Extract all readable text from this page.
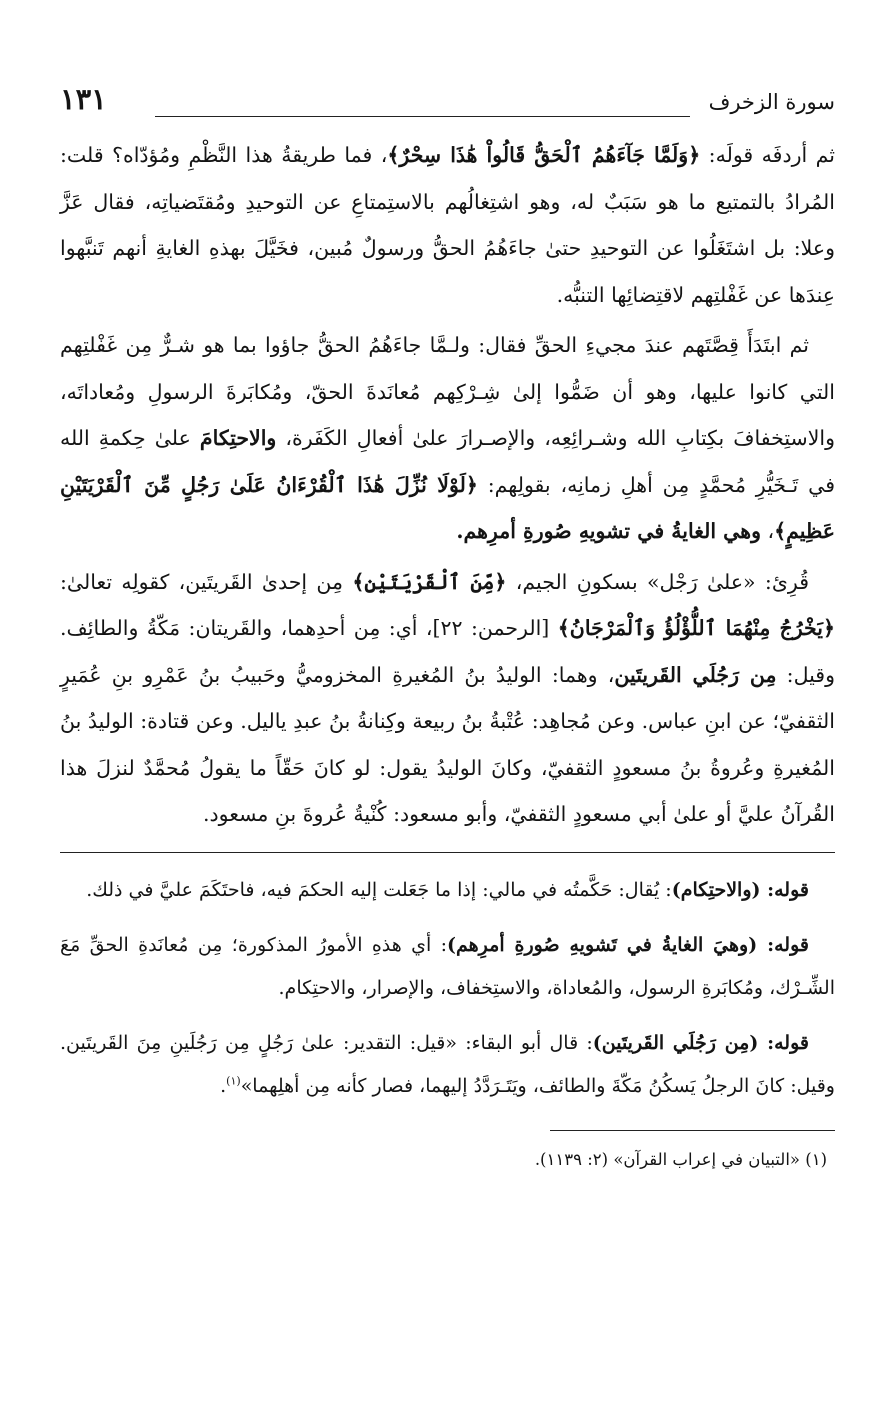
سورة الزخرف
١٣١

ثم أردفَه قولَه: ﴿وَلَمَّا جَآءَهُمُ ٱلْحَقُّ قَالُواْ هَٰذَا سِحْرٌ﴾، فما طريقةُ هذا النَّظْمِ ومُؤدّاه؟ قلت: المُرادُ بالتمتيع ما هو سَبَبٌ له، وهو اشتِغالُهم بالاستِمتاعِ عن التوحيدِ ومُقتَضياتِه، فقال عَزَّ وعلا: بل اشتَغَلُوا عن التوحيدِ حتىٰ جاءَهُمُ الحقُّ ورسولٌ مُبين، فخَيَّلَ بهذهِ الغايةِ أنهم تَنبَّهوا عِندَها عن غَفْلتِهم لاقتِضائِها التنبُّه.

ثم ابتَدَأَ قِصَّتَهم عندَ مجيءِ الحقِّ فقال: ولـمَّا جاءَهُمُ الحقُّ جاؤوا بما هو شـرٌّ مِن غَفْلتِهم التي كانوا عليها، وهو أن ضَمُّوا إلىٰ شِـرْكِهم مُعانَدةَ الحقّ، ومُكابَرةَ الرسولِ ومُعاداتَه، والاستِخفافَ بكِتابِ الله وشـرائِعِه، والإصـرارَ علىٰ أفعالِ الكَفَرة، والاحتِكامَ علىٰ حِكمةِ الله في تَـخَيُّرِ مُحمَّدٍ مِن أهلِ زمانِه، بقولِهم: ﴿لَوْلَا نُزِّلَ هَٰذَا ٱلْقُرْءَانُ عَلَىٰ رَجُلٍ مِّنَ ٱلْقَرْيَتَيْنِ عَظِيمٍ﴾، وهي الغايةُ في تشويهِ صُورةِ أمرِهم.

قُرِئ: «علىٰ رَجْل» بسكونِ الجيم، ﴿مِّنَ ٱلْقَرْيَتَيْنِ﴾ مِن إحدىٰ القَريتَين، كقولِه تعالىٰ: ﴿يَخْرُجُ مِنْهُمَا ٱللُّؤْلُؤُ وَٱلْمَرْجَانُ﴾ [الرحمن: ٢٢]، أي: مِن أحدِهما، والقَريتان: مَكّةُ والطائِف. وقيل: مِن رَجُلَي القَريتَين، وهما: الوليدُ بنُ المُغيرةِ المخزوميُّ وحَبيبُ بنُ عَمْرِو بنِ عُمَيرٍ الثقفيّ؛ عن ابنِ عباس. وعن مُجاهِد: عُتْبةُ بنُ ربيعة وكِنانةُ بنُ عبدِ ياليل. وعن قتادة: الوليدُ بنُ المُغيرةِ وعُروةُ بنُ مسعودٍ الثقفيّ، وكانَ الوليدُ يقول: لو كانَ حَقّاً ما يقولُ مُحمَّدٌ لنزلَ هذا القُرآنُ عليَّ أو علىٰ أبي مسعودٍ الثقفيّ، وأبو مسعود: كُنْيةُ عُروةَ بنِ مسعود.

قوله: (والاحتِكام): يُقال: حَكَّمتُه في مالي: إذا ما جَعَلت إليه الحكمَ فيه، فاحتَكَمَ عليَّ في ذلك.

قوله: (وهيَ الغايةُ في تَشويهِ صُورةِ أمرِهم): أي هذهِ الأمورُ المذكورة؛ مِن مُعانَدةِ الحقِّ مَعَ الشِّـرْك، ومُكابَرةِ الرسول، والمُعاداة، والاستِخفاف، والإصرار، والاحتِكام.

قوله: (مِن رَجُلَي القَريتَين): قال أبو البقاء: «قيل: التقدير: علىٰ رَجُلٍ مِن رَجُلَينِ مِنَ القَريتَين. وقيل: كانَ الرجلُ يَسكُنُ مَكّةَ والطائف، ويَتَـرَدَّدُ إليهما، فصار كأنه مِن أهلِهما»$^{(١)}$.

(١) «التبيان في إعراب القرآن» (٢: ١١٣٩).
